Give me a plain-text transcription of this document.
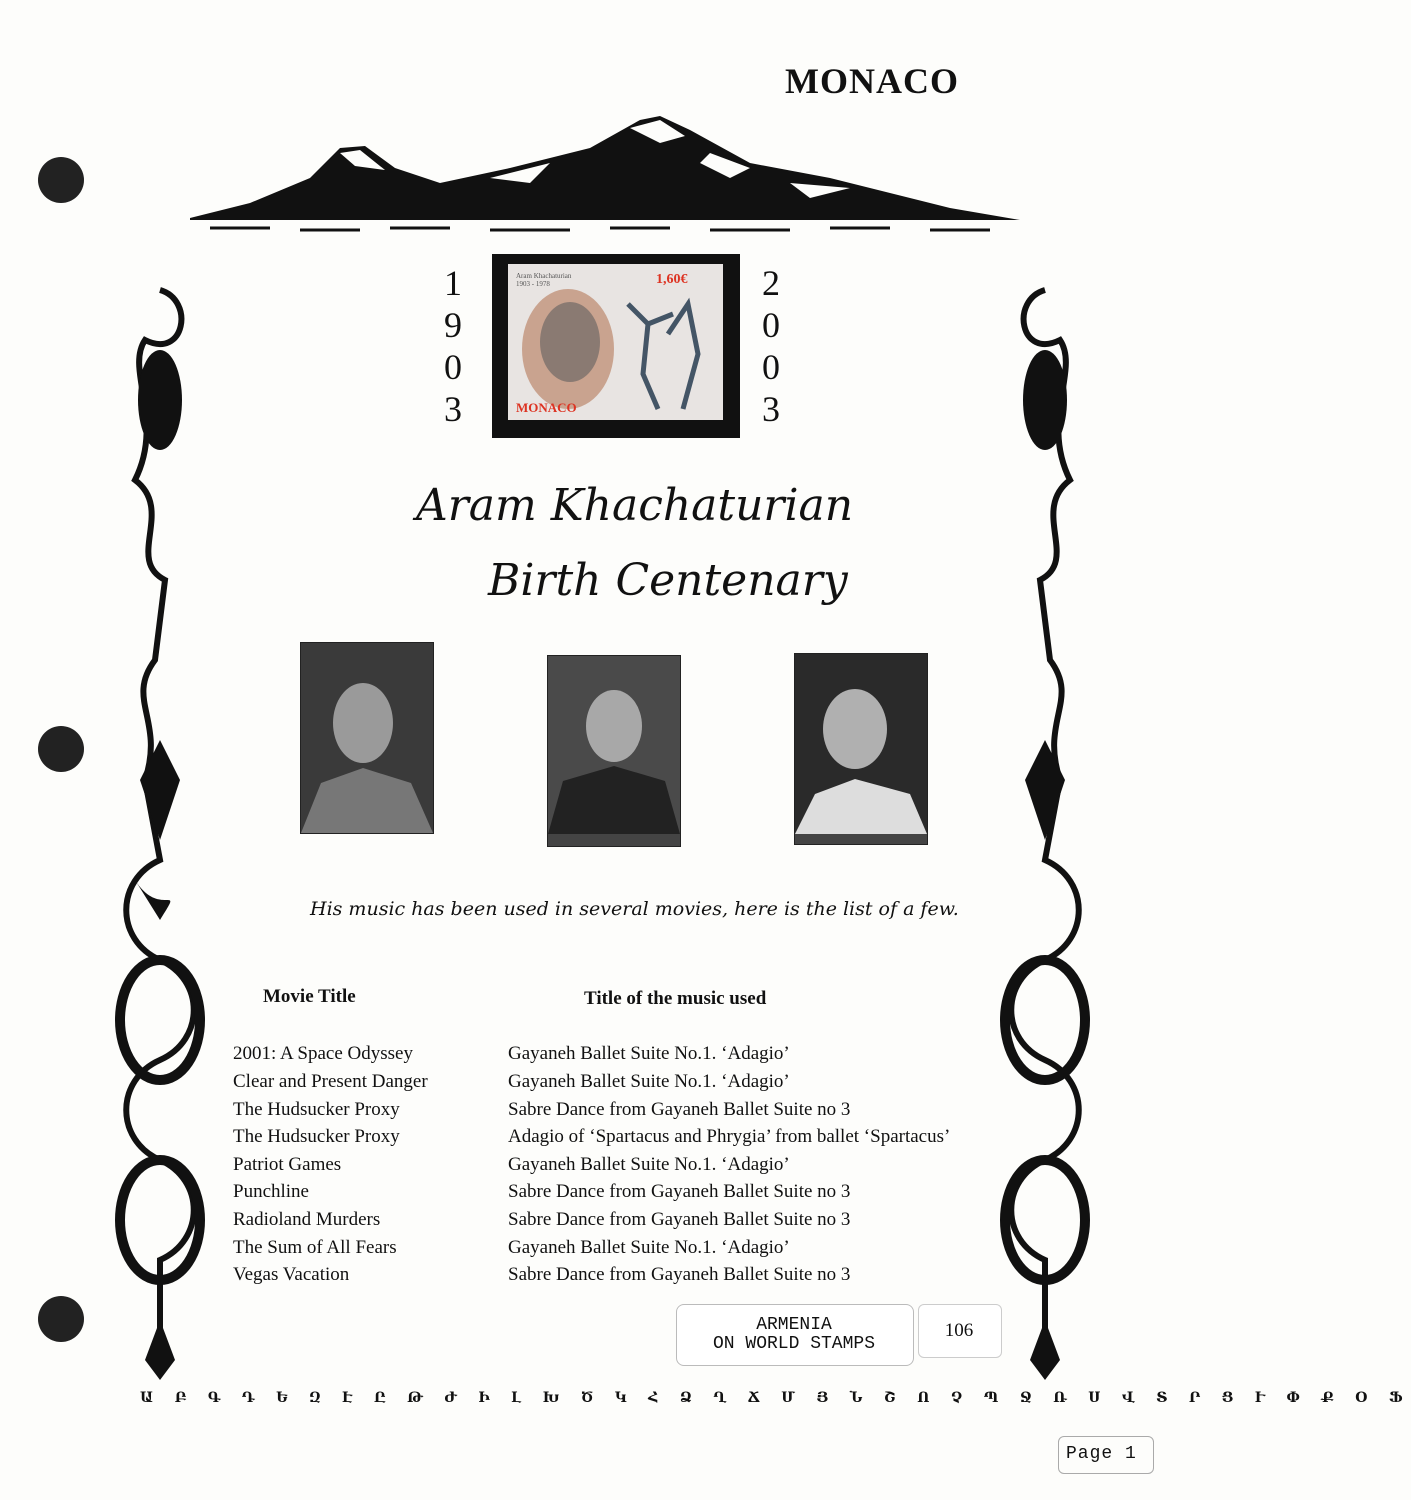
MONACO
1
9
0
3
2
0
0
3
Aram Khachaturian
1903 - 1978	1,60€
MONACO
Aram Khachaturian
Birth Centenary
His music has been used in several movies, here is the list of a few.
Movie Title	Title of the music used
2001: A Space Odyssey	Gayaneh Ballet Suite No.1. ‘Adagio’
Clear and Present Danger	Gayaneh Ballet Suite No.1. ‘Adagio’
The Hudsucker Proxy	Sabre Dance from Gayaneh Ballet Suite no 3
The Hudsucker Proxy	Adagio of ‘Spartacus and Phrygia’ from ballet ‘Spartacus’
Patriot Games	Gayaneh Ballet Suite No.1. ‘Adagio’
Punchline	Sabre Dance from Gayaneh Ballet Suite no 3
Radioland Murders	Sabre Dance from Gayaneh Ballet Suite no 3
The Sum of All Fears	Gayaneh Ballet Suite No.1. ‘Adagio’
Vegas Vacation	Sabre Dance from Gayaneh Ballet Suite no 3
ARMENIA
ON WORLD STAMPS
106
Ա Բ Գ Դ Ե Զ Է Ը Թ Ժ Ի Լ Խ Ծ Կ Հ Ձ Ղ Ճ Մ Յ Ն Շ Ո Չ Պ Ջ Ռ Ս Վ Տ Ր Ց Ւ Փ Ք Օ Ֆ
Page 1
